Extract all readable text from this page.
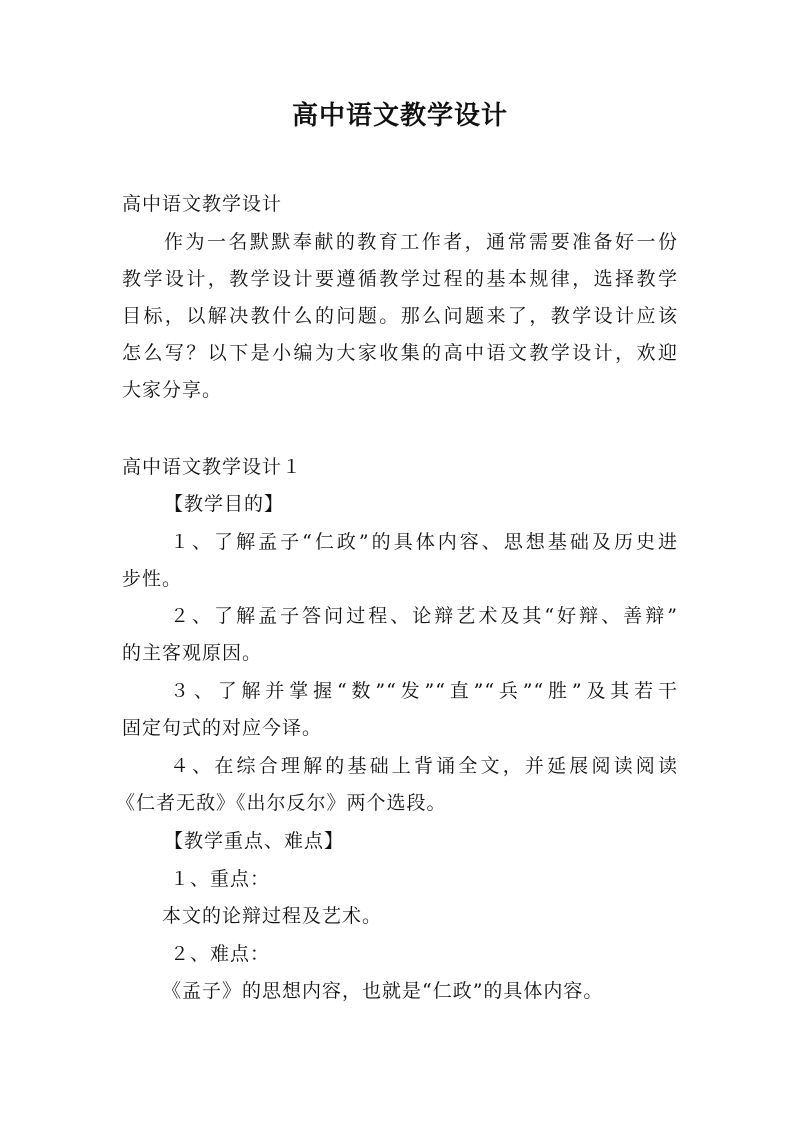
高中语文教学设计
高中语文教学设计
作为一名默默奉献的教育工作者，通常需要准备好一份
教学设计，教学设计要遵循教学过程的基本规律，选择教学
目标，以解决教什么的问题。那么问题来了，教学设计应该
怎么写？以下是小编为大家收集的高中语文教学设计，欢迎
大家分享。
高中语文教学设计１
【教学目的】
１、了解孟子“仁政”的具体内容、思想基础及历史进
步性。
２、了解孟子答问过程、论辩艺术及其“好辩、善辩”
的主客观原因。
３、了解并掌握“数”“发”“直”“兵”“胜”及其若干
固定句式的对应今译。
４、在综合理解的基础上背诵全文，并延展阅读阅读
《仁者无敌》《出尔反尔》两个选段。
【教学重点、难点】
１、重点：
本文的论辩过程及艺术。
２、难点：
《孟子》的思想内容，也就是“仁政”的具体内容。
